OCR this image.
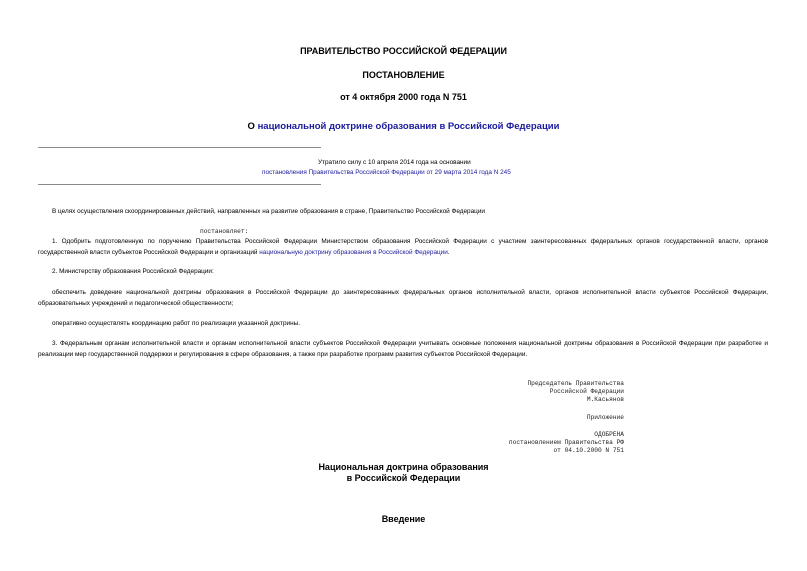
ПРАВИТЕЛЬСТВО РОССИЙСКОЙ ФЕДЕРАЦИИ
ПОСТАНОВЛЕНИЕ
от 4 октября 2000 года N 751
О национальной доктрине образования в Российской Федерации
Утратило силу с 10 апреля 2014 года на основании
постановления Правительства Российской Федерации от 29 марта 2014 года N 245
В целях осуществления скоординированных действий, направленных на развитие образования в стране, Правительство Российской Федерации
постановляет:
1. Одобрить подготовленную по поручению Правительства Российской Федерации Министерством образования Российской Федерации с участием заинтересованных федеральных органов государственной власти, органов государственной власти субъектов Российской Федерации и организаций национальную доктрину образования в Российской Федерации.
2. Министерству образования Российской Федерации:
обеспечить доведение национальной доктрины образования в Российской Федерации до заинтересованных федеральных органов исполнительной власти, органов исполнительной власти субъектов Российской Федерации, образовательных учреждений и педагогической общественности;
оперативно осуществлять координацию работ по реализации указанной доктрины.
3. Федеральным органам исполнительной власти и органам исполнительной власти субъектов Российской Федерации учитывать основные положения национальной доктрины образования в Российской Федерации при разработке и реализации мер государственной поддержки и регулирования в сфере образования, а также при разработке программ развития субъектов Российской Федерации.
Председатель Правительства
Российской Федерации
М.Касьянов
Приложение
ОДОБРЕНА
постановлением Правительства РФ
от 04.10.2000 N 751
Национальная доктрина образования
в Российской Федерации
Введение
